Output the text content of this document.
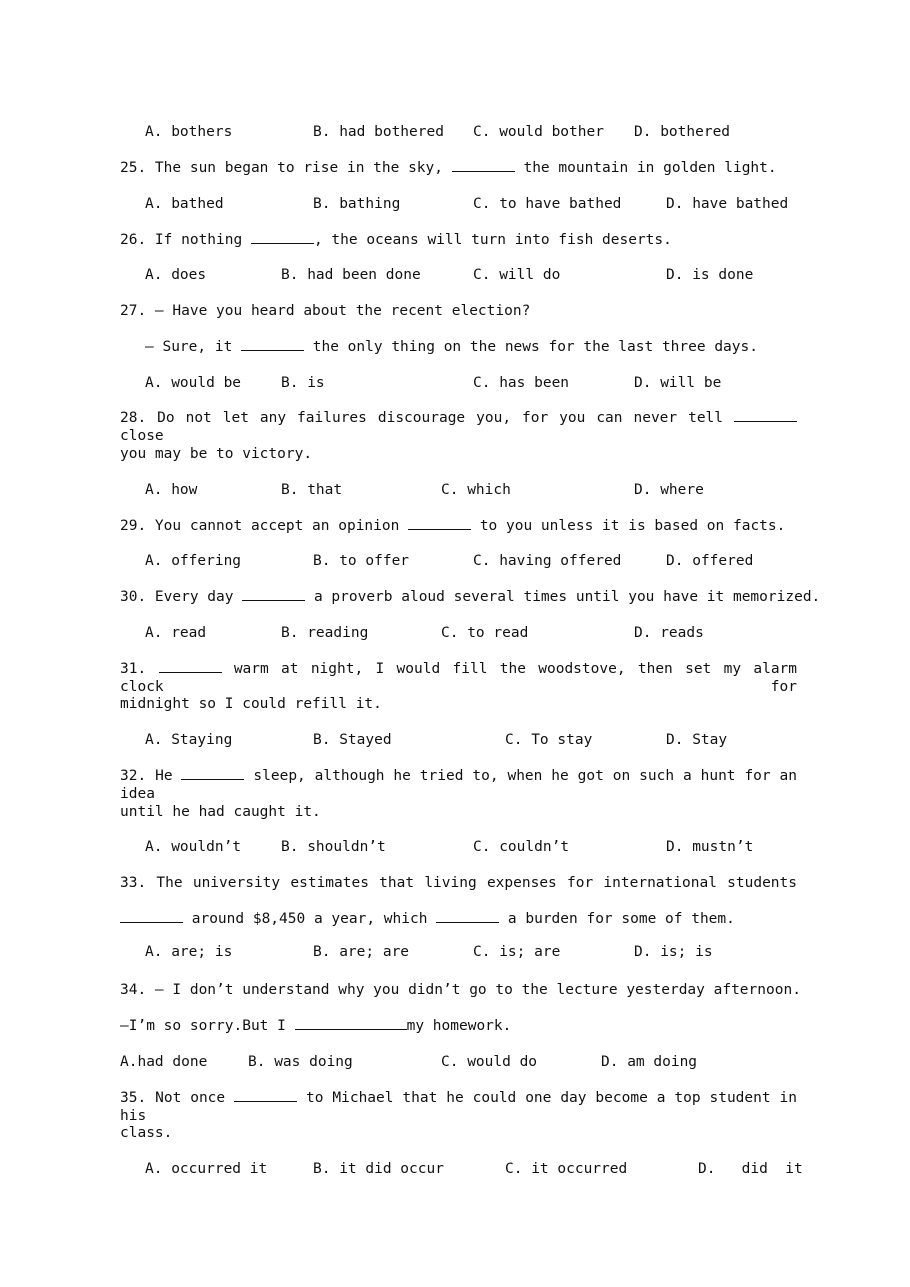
A. bothers	B. had bothered C. would bother D. bothered
25. The sun began to rise in the sky,	the mountain in golden light.
A. bathed	B. bathing	C. to have bathed	D. have bathed
26. If nothing	, the oceans will turn into fish deserts.
A. does	B. had been done	C. will do	D. is done
27. — Have you heard about the recent election?
— Sure, it	the only thing on the news for the last three days.
A. would be	B. is	C. has been	D. will be
28. Do not let any failures discourage you, for you can never tell  close
you may be to victory.
A. how	B. that	C. which	D. where
29. You cannot accept an opinion	to you unless it is based on facts.
A. offering	B. to offer	C. having offered	D. offered
30. Every day	a proverb aloud several times until you have it memorized.
A. read	B. reading	C. to read	D. reads
31.	warm at night, I would fill the woodstove, then set my alarm clock for
midnight so I could refill it.
A. Staying	B. Stayed	C. To stay	D. Stay
32. He	sleep, although he tried to, when he got on such a hunt for an idea
until he had caught it.
A. wouldn’t	B. shouldn’t	C. couldn’t	D. mustn’t
33. The university estimates that living expenses for international students
around $8,450 a year, which	a burden for some of them.
A. are; is	B. are; are	C. is; are	D. is; is
34. — I don’t understand why you didn’t go to the lecture yesterday afternoon.
—I’m so sorry.But I	my homework.
A.had done	B. was doing	C. would do	D. am doing
35. Not once	to Michael that he could one day become a top student in his
class.
A. occurred it	B. it did occur	C. it occurred	D.   did  it
